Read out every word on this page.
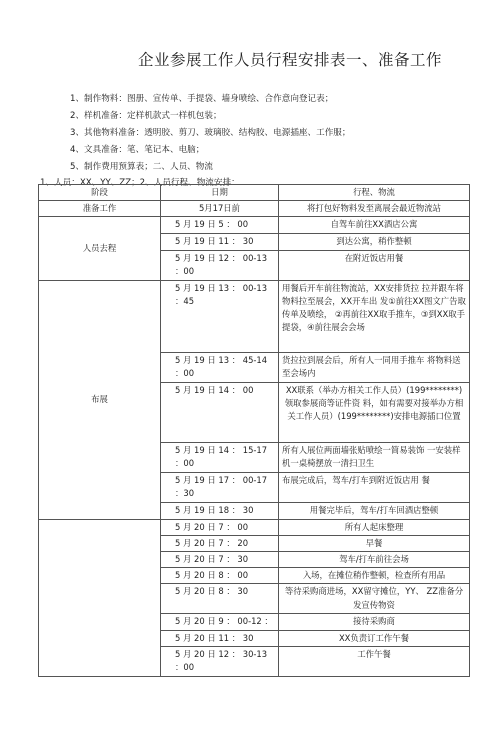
企业参展工作人员行程安排表一、准备工作
1、制作物料：图册、宣传单、手提袋、墙身喷绘、合作意向登记表；
2、样机准备：定样机款式一样机包装；
3、其他物料准备：透明胶、剪刀、玻璃胶、结构胶、电源插座、工作服；
4、文具准备：笔、笔记本、电脑；
5、制作费用预算表；二、人员、物流
1、人员：XX、YY、ZZ；2、人员行程、物流安排：
阶段	日期	行程、物流
准备工作	5月17日前	将打包好物料发至离展会最近物流站
人员去程	5 月 19 日 5 ： 00	自驾车前往XX酒店公寓
	5 月 19 日 11 ： 30	到达公寓，稍作整顿
	5 月 19 日 12 ： 00-13 ：00	在附近饭店用餐
布展	5 月 19 日 13 ： 00-13 ：45	用餐后开车前往物流站，XX安排货拉 拉并跟车将物料拉至展会，XX开车出 发①前往XX图文广告取传单及喷绘， ②再前往XX取手推车，③到XX取手 提袋，④前往展会会场
	5 月 19 日 13 ： 45-14 ：00	货拉拉到展会后，所有人一同用手推车 将物料送至会场内
	5 月 19 日 14 ： 00	XX联系（举办方相关工作人员）(199********)领取参展商等证件资 料，如有需要对接举办方相关工作人员）(199********)安排电源插口位置
	5 月 19 日 14 ： 15-17 ：00	所有人展位两面墙张贴喷绘一简易装饰 一安装样机一桌椅摆放一清扫卫生
	5 月 19 日 17 ： 00-17 ：30	布展完成后，驾车/打车到附近饭店用 餐
	5 月 19 日 18 ： 30	用餐完毕后，驾车/打车回酒店整顿
	5 月 20 日 7 ： 00	所有人起床整理
	5 月 20 日 7 ： 20	早餐
	5 月 20 日 7 ： 30	驾车/打车前往会场
	5 月 20 日 8 ： 00	入场，在摊位稍作整顿，检查所有用品
	5 月 20 日 8 ： 30	等待采购商进场，XX留守摊位，YY、 ZZ准备分发宣传物资
	5 月 20 日 9 ： 00-12 ：	接待采购商
	5 月 20 日 11 ： 30	XX负责订工作午餐
	5 月 20 日 12 ： 30-13 ：00	工作午餐
